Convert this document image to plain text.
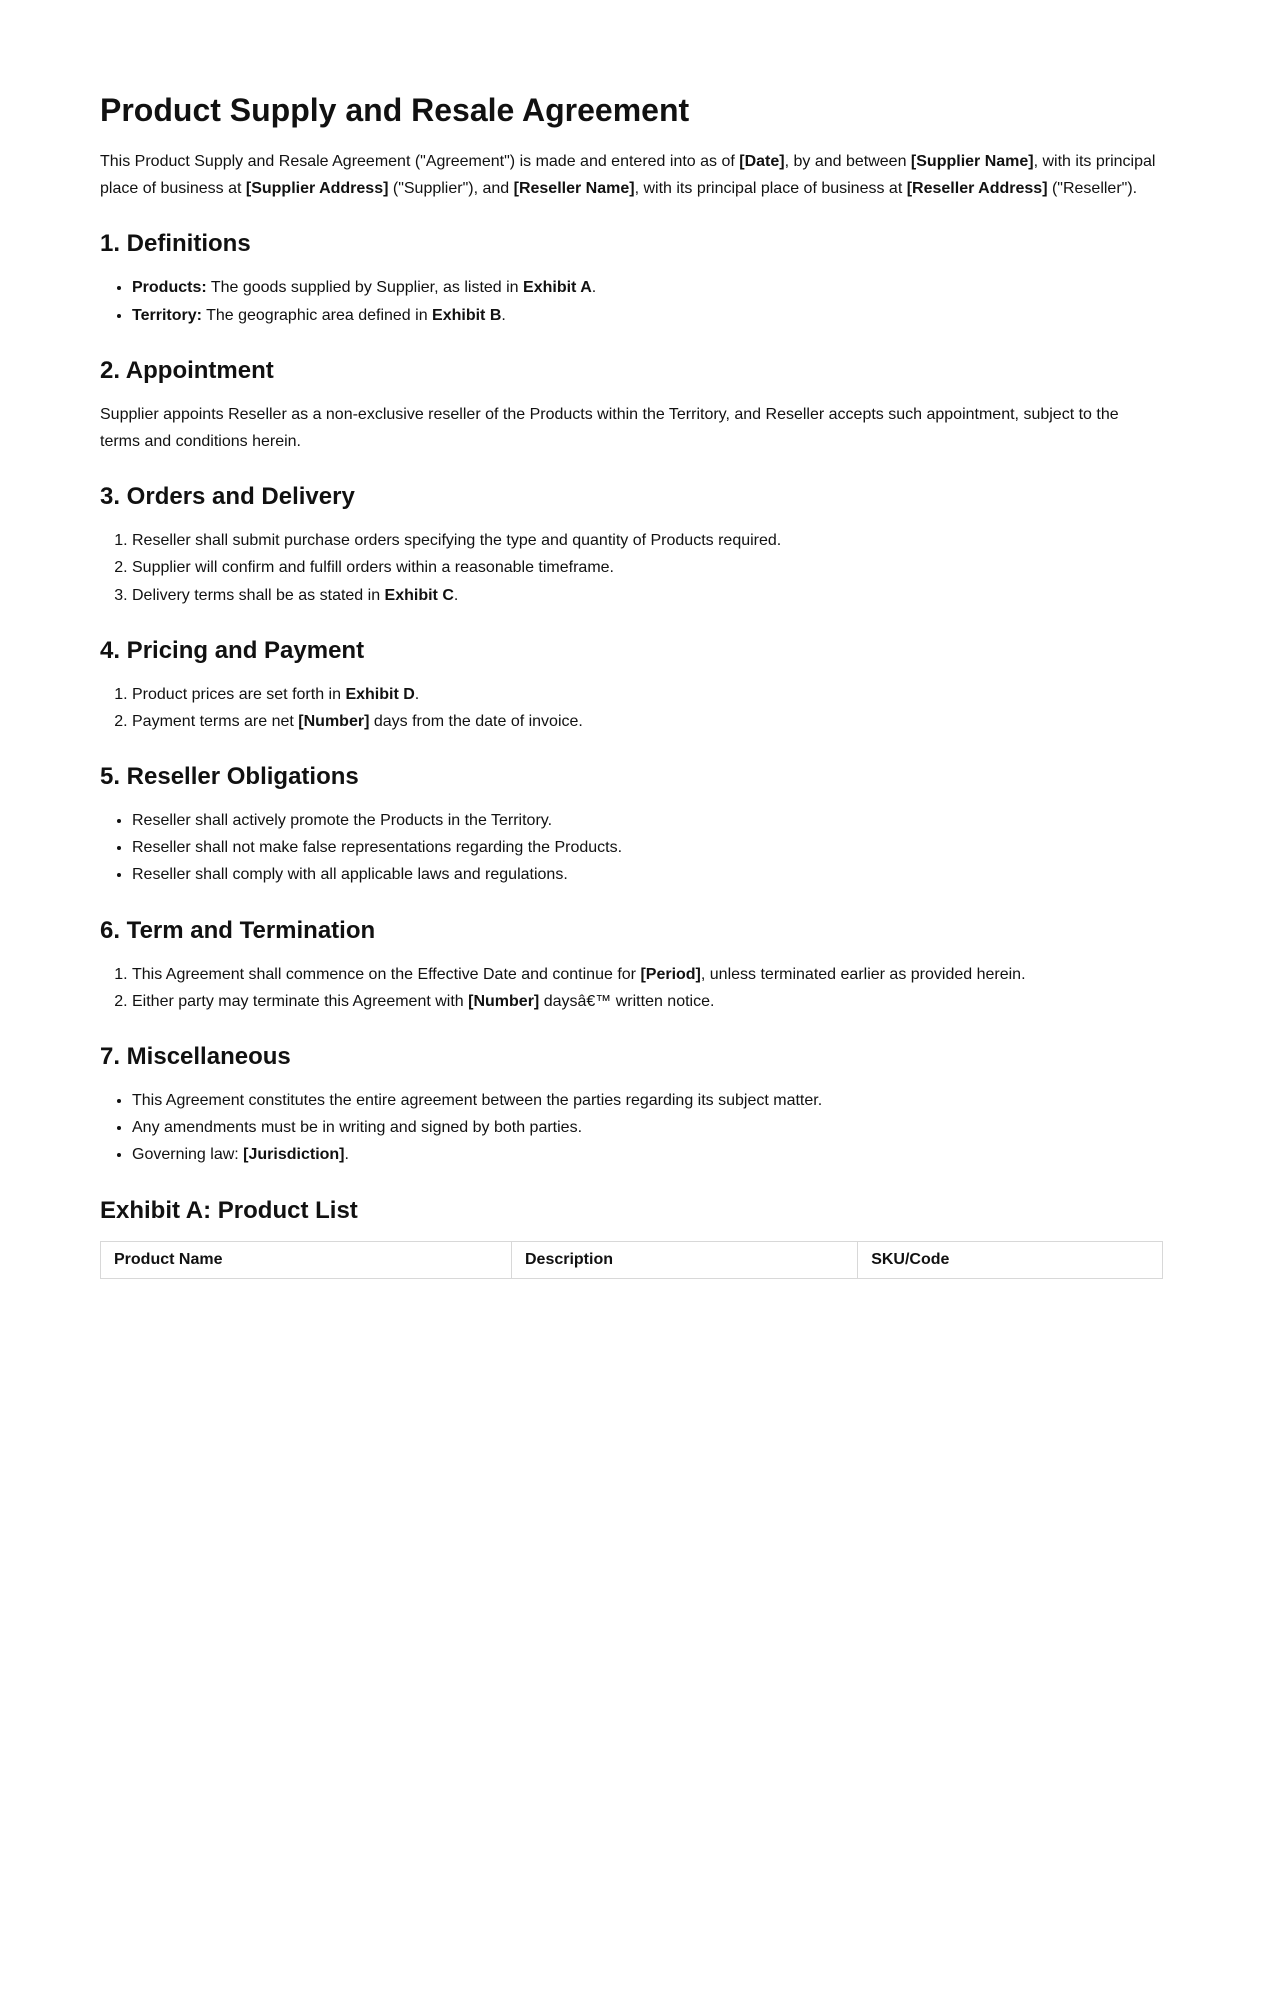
Product Supply and Resale Agreement

This Product Supply and Resale Agreement ("Agreement") is made and entered into as of [Date], by and between [Supplier Name], with its principal place of business at [Supplier Address] ("Supplier"), and [Reseller Name], with its principal place of business at [Reseller Address] ("Reseller").

1. Definitions
• Products: The goods supplied by Supplier, as listed in Exhibit A.
• Territory: The geographic area defined in Exhibit B.
2. Appointment

Supplier appoints Reseller as a non-exclusive reseller of the Products within the Territory, and Reseller accepts such appointment, subject to the terms and conditions herein.

3. Orders and Delivery
1. Reseller shall submit purchase orders specifying the type and quantity of Products required.
2. Supplier will confirm and fulfill orders within a reasonable timeframe.
3. Delivery terms shall be as stated in Exhibit C.
4. Pricing and Payment
1. Product prices are set forth in Exhibit D.
2. Payment terms are net [Number] days from the date of invoice.
5. Reseller Obligations
• Reseller shall actively promote the Products in the Territory.
• Reseller shall not make false representations regarding the Products.
• Reseller shall comply with all applicable laws and regulations.
6. Term and Termination
1. This Agreement shall commence on the Effective Date and continue for [Period], unless terminated earlier as provided herein.
2. Either party may terminate this Agreement with [Number] daysâ€™ written notice.
7. Miscellaneous
• This Agreement constitutes the entire agreement between the parties regarding its subject matter.
• Any amendments must be in writing and signed by both parties.
• Governing law: [Jurisdiction].
Exhibit A: Product List
Product Name	Description	SKU/Code
